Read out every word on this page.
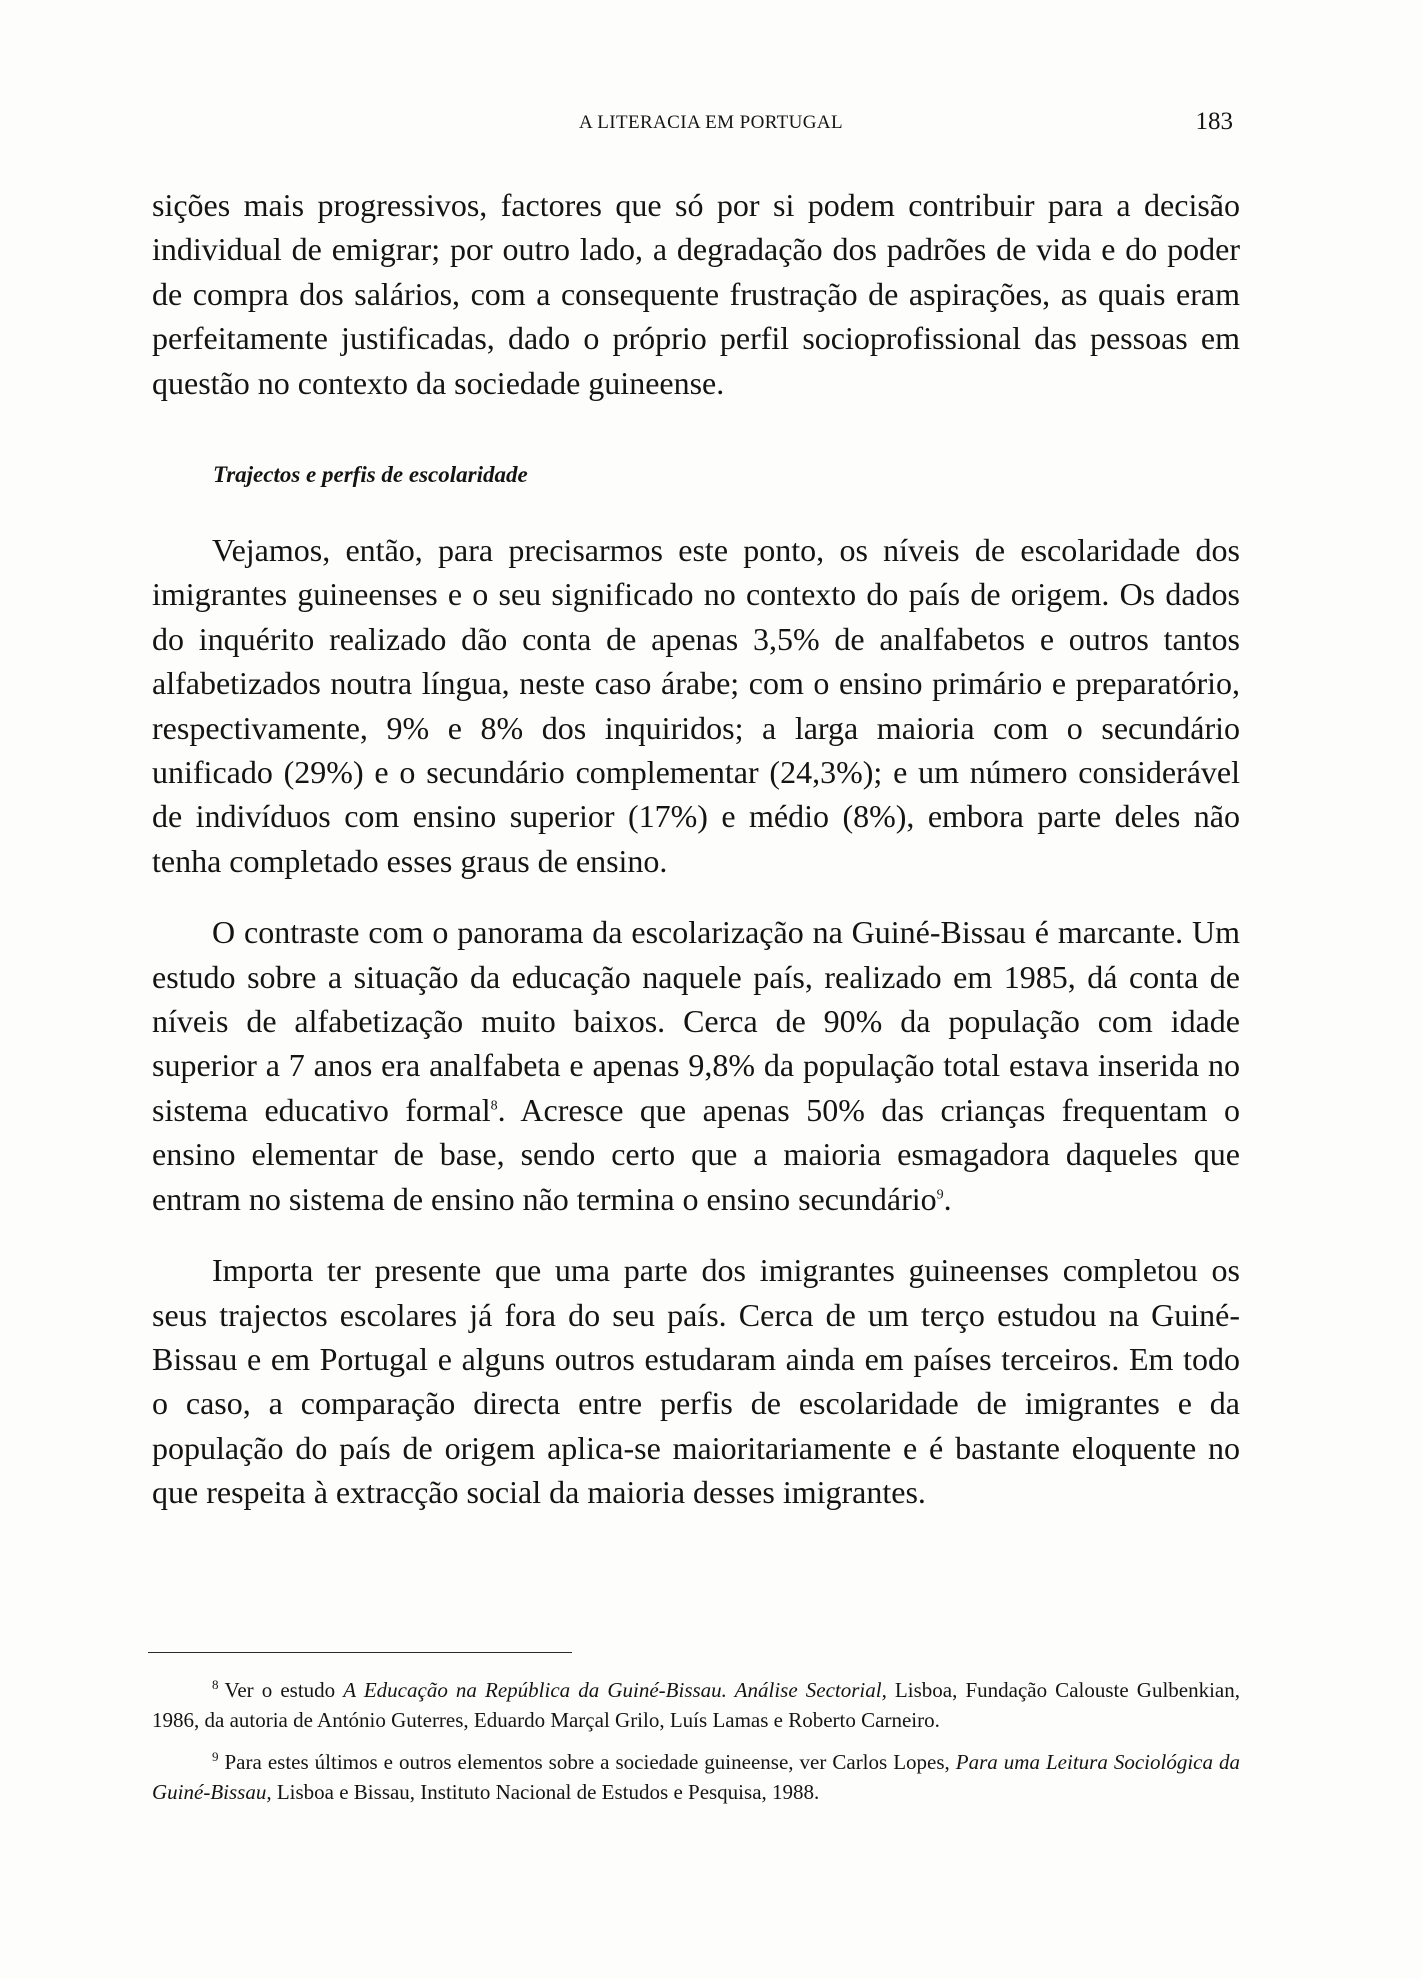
A LITERACIA EM PORTUGAL	183

sições mais progressivos, factores que só por si podem contribuir para a decisão individual de emigrar; por outro lado, a degradação dos padrões de vida e do poder de compra dos salários, com a consequente frustração de aspirações, as quais eram perfeitamente justificadas, dado o próprio perfil socioprofissional das pessoas em questão no contexto da sociedade guineense.

Trajectos e perfis de escolaridade

Vejamos, então, para precisarmos este ponto, os níveis de escolaridade dos imigrantes guineenses e o seu significado no contexto do país de origem. Os dados do inquérito realizado dão conta de apenas 3,5% de analfabetos e outros tantos alfabetizados noutra língua, neste caso árabe; com o ensino primário e preparatório, respectivamente, 9% e 8% dos inquiridos; a larga maioria com o secundário unificado (29%) e o secundário complementar (24,3%); e um número considerável de indivíduos com ensino superior (17%) e médio (8%), embora parte deles não tenha completado esses graus de ensino.

O contraste com o panorama da escolarização na Guiné-Bissau é marcante. Um estudo sobre a situação da educação naquele país, realizado em 1985, dá conta de níveis de alfabetização muito baixos. Cerca de 90% da população com idade superior a 7 anos era analfabeta e apenas 9,8% da população total estava inserida no sistema educativo formal$^8$. Acresce que apenas 50% das crianças frequentam o ensino elementar de base, sendo certo que a maioria esmagadora daqueles que entram no sistema de ensino não termina o ensino secundário$^9$.

Importa ter presente que uma parte dos imigrantes guineenses completou os seus trajectos escolares já fora do seu país. Cerca de um terço estudou na Guiné-Bissau e em Portugal e alguns outros estudaram ainda em países terceiros. Em todo o caso, a comparação directa entre perfis de escolaridade de imigrantes e da população do país de origem aplica-se maioritariamente e é bastante eloquente no que respeita à extracção social da maioria desses imigrantes.

$^8$ Ver o estudo A Educação na República da Guiné-Bissau. Análise Sectorial, Lisboa, Fundação Calouste Gulbenkian, 1986, da autoria de António Guterres, Eduardo Marçal Grilo, Luís Lamas e Roberto Carneiro.

$^9$ Para estes últimos e outros elementos sobre a sociedade guineense, ver Carlos Lopes, Para uma Leitura Sociológica da Guiné-Bissau, Lisboa e Bissau, Instituto Nacional de Estudos e Pesquisa, 1988.
